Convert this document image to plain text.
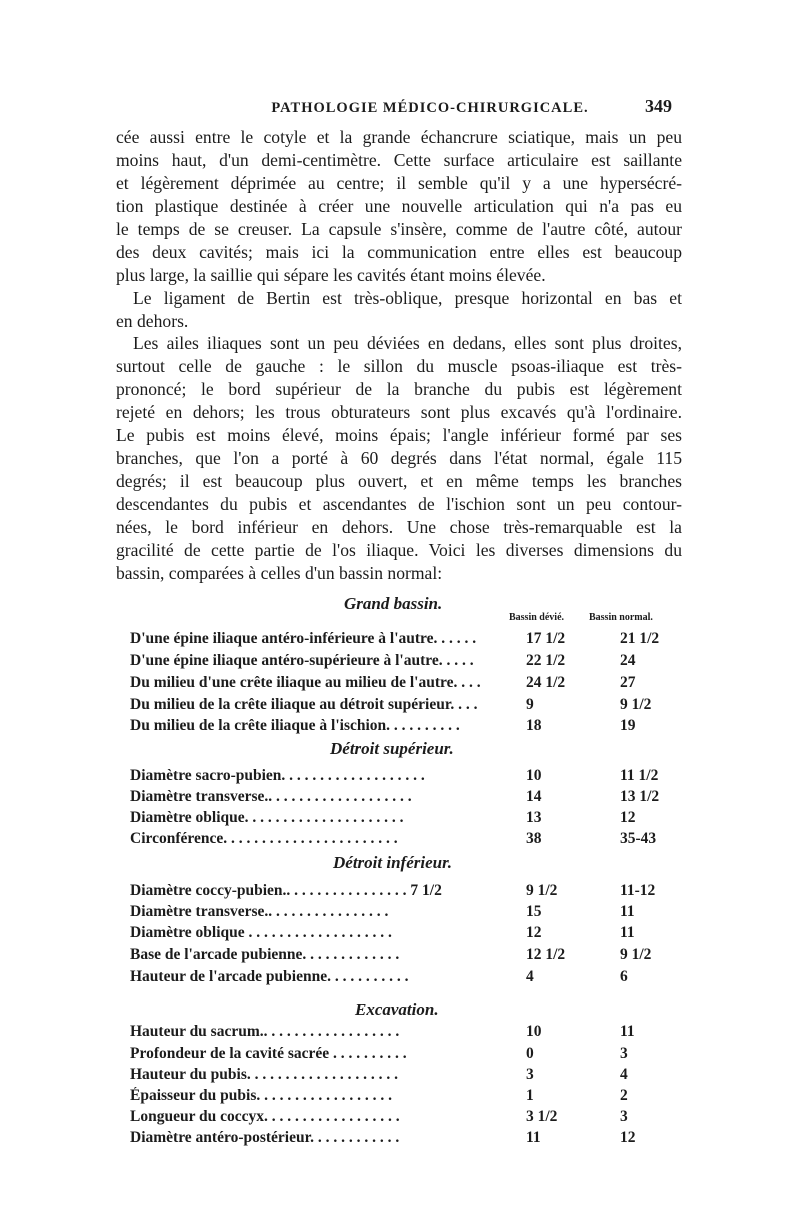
PATHOLOGIE MÉDICO-CHIRURGICALE.	349
cée aussi entre le cotyle et la grande échancrure sciatique, mais un peu
moins haut, d'un demi-centimètre. Cette surface articulaire est saillante
et légèrement déprimée au centre; il semble qu'il y a une hypersécré-
tion plastique destinée à créer une nouvelle articulation qui n'a pas eu
le temps de se creuser. La capsule s'insère, comme de l'autre côté, autour
des deux cavités; mais ici la communication entre elles est beaucoup
plus large, la saillie qui sépare les cavités étant moins élevée.
Le ligament de Bertin est très-oblique, presque horizontal en bas et
en dehors.
Les ailes iliaques sont un peu déviées en dedans, elles sont plus droites,
surtout celle de gauche : le sillon du muscle psoas-iliaque est très-
prononcé; le bord supérieur de la branche du pubis est légèrement
rejeté en dehors; les trous obturateurs sont plus excavés qu'à l'ordinaire.
Le pubis est moins élevé, moins épais; l'angle inférieur formé par ses
branches, que l'on a porté à 60 degrés dans l'état normal, égale 115
degrés; il est beaucoup plus ouvert, et en même temps les branches
descendantes du pubis et ascendantes de l'ischion sont un peu contour-
nées, le bord inférieur en dehors. Une chose très-remarquable est la
gracilité de cette partie de l'os iliaque. Voici les diverses dimensions du
bassin, comparées à celles d'un bassin normal:
Grand bassin.
Bassin dévié. Bassin normal.
D'une épine iliaque antéro-inférieure à l'autre. . . . . .	17 1/2	21 1/2
D'une épine iliaque antéro-supérieure à l'autre. . . . .	22 1/2	24
Du milieu d'une crête iliaque au milieu de l'autre. . . .	24 1/2	27
Du milieu de la crête iliaque au détroit supérieur. . . .	9	9 1/2
Du milieu de la crête iliaque à l'ischion. . . . . . . . . .	18	19
Détroit supérieur.
Diamètre sacro-pubien. . . . . . . . . . . . . . . . . . .	10	11 1/2
Diamètre transverse.. . . . . . . . . . . . . . . . . . .	14	13 1/2
Diamètre oblique. . . . . . . . . . . . . . . . . . . . .	13	12
Circonférence. . . . . . . . . . . . . . . . . . . . . . .	38	35-43
Détroit inférieur.
Diamètre coccy-pubien.. . . . . . . . . . . . . . . . 7 1/2	9 1/2	11-12
Diamètre transverse.. . . . . . . . . . . . . . . .	15	11
Diamètre oblique . . . . . . . . . . . . . . . . . . .	12	11
Base de l'arcade pubienne. . . . . . . . . . . . .	12 1/2	9 1/2
Hauteur de l'arcade pubienne. . . . . . . . . . .	4	6
Excavation.
Hauteur du sacrum.. . . . . . . . . . . . . . . . . .	10	11
Profondeur de la cavité sacrée . . . . . . . . . .	0	3
Hauteur du pubis. . . . . . . . . . . . . . . . . . . .	3	4
Épaisseur du pubis. . . . . . . . . . . . . . . . . .	1	2
Longueur du coccyx. . . . . . . . . . . . . . . . . .	3 1/2	3
Diamètre antéro-postérieur. . . . . . . . . . . .	11	12
